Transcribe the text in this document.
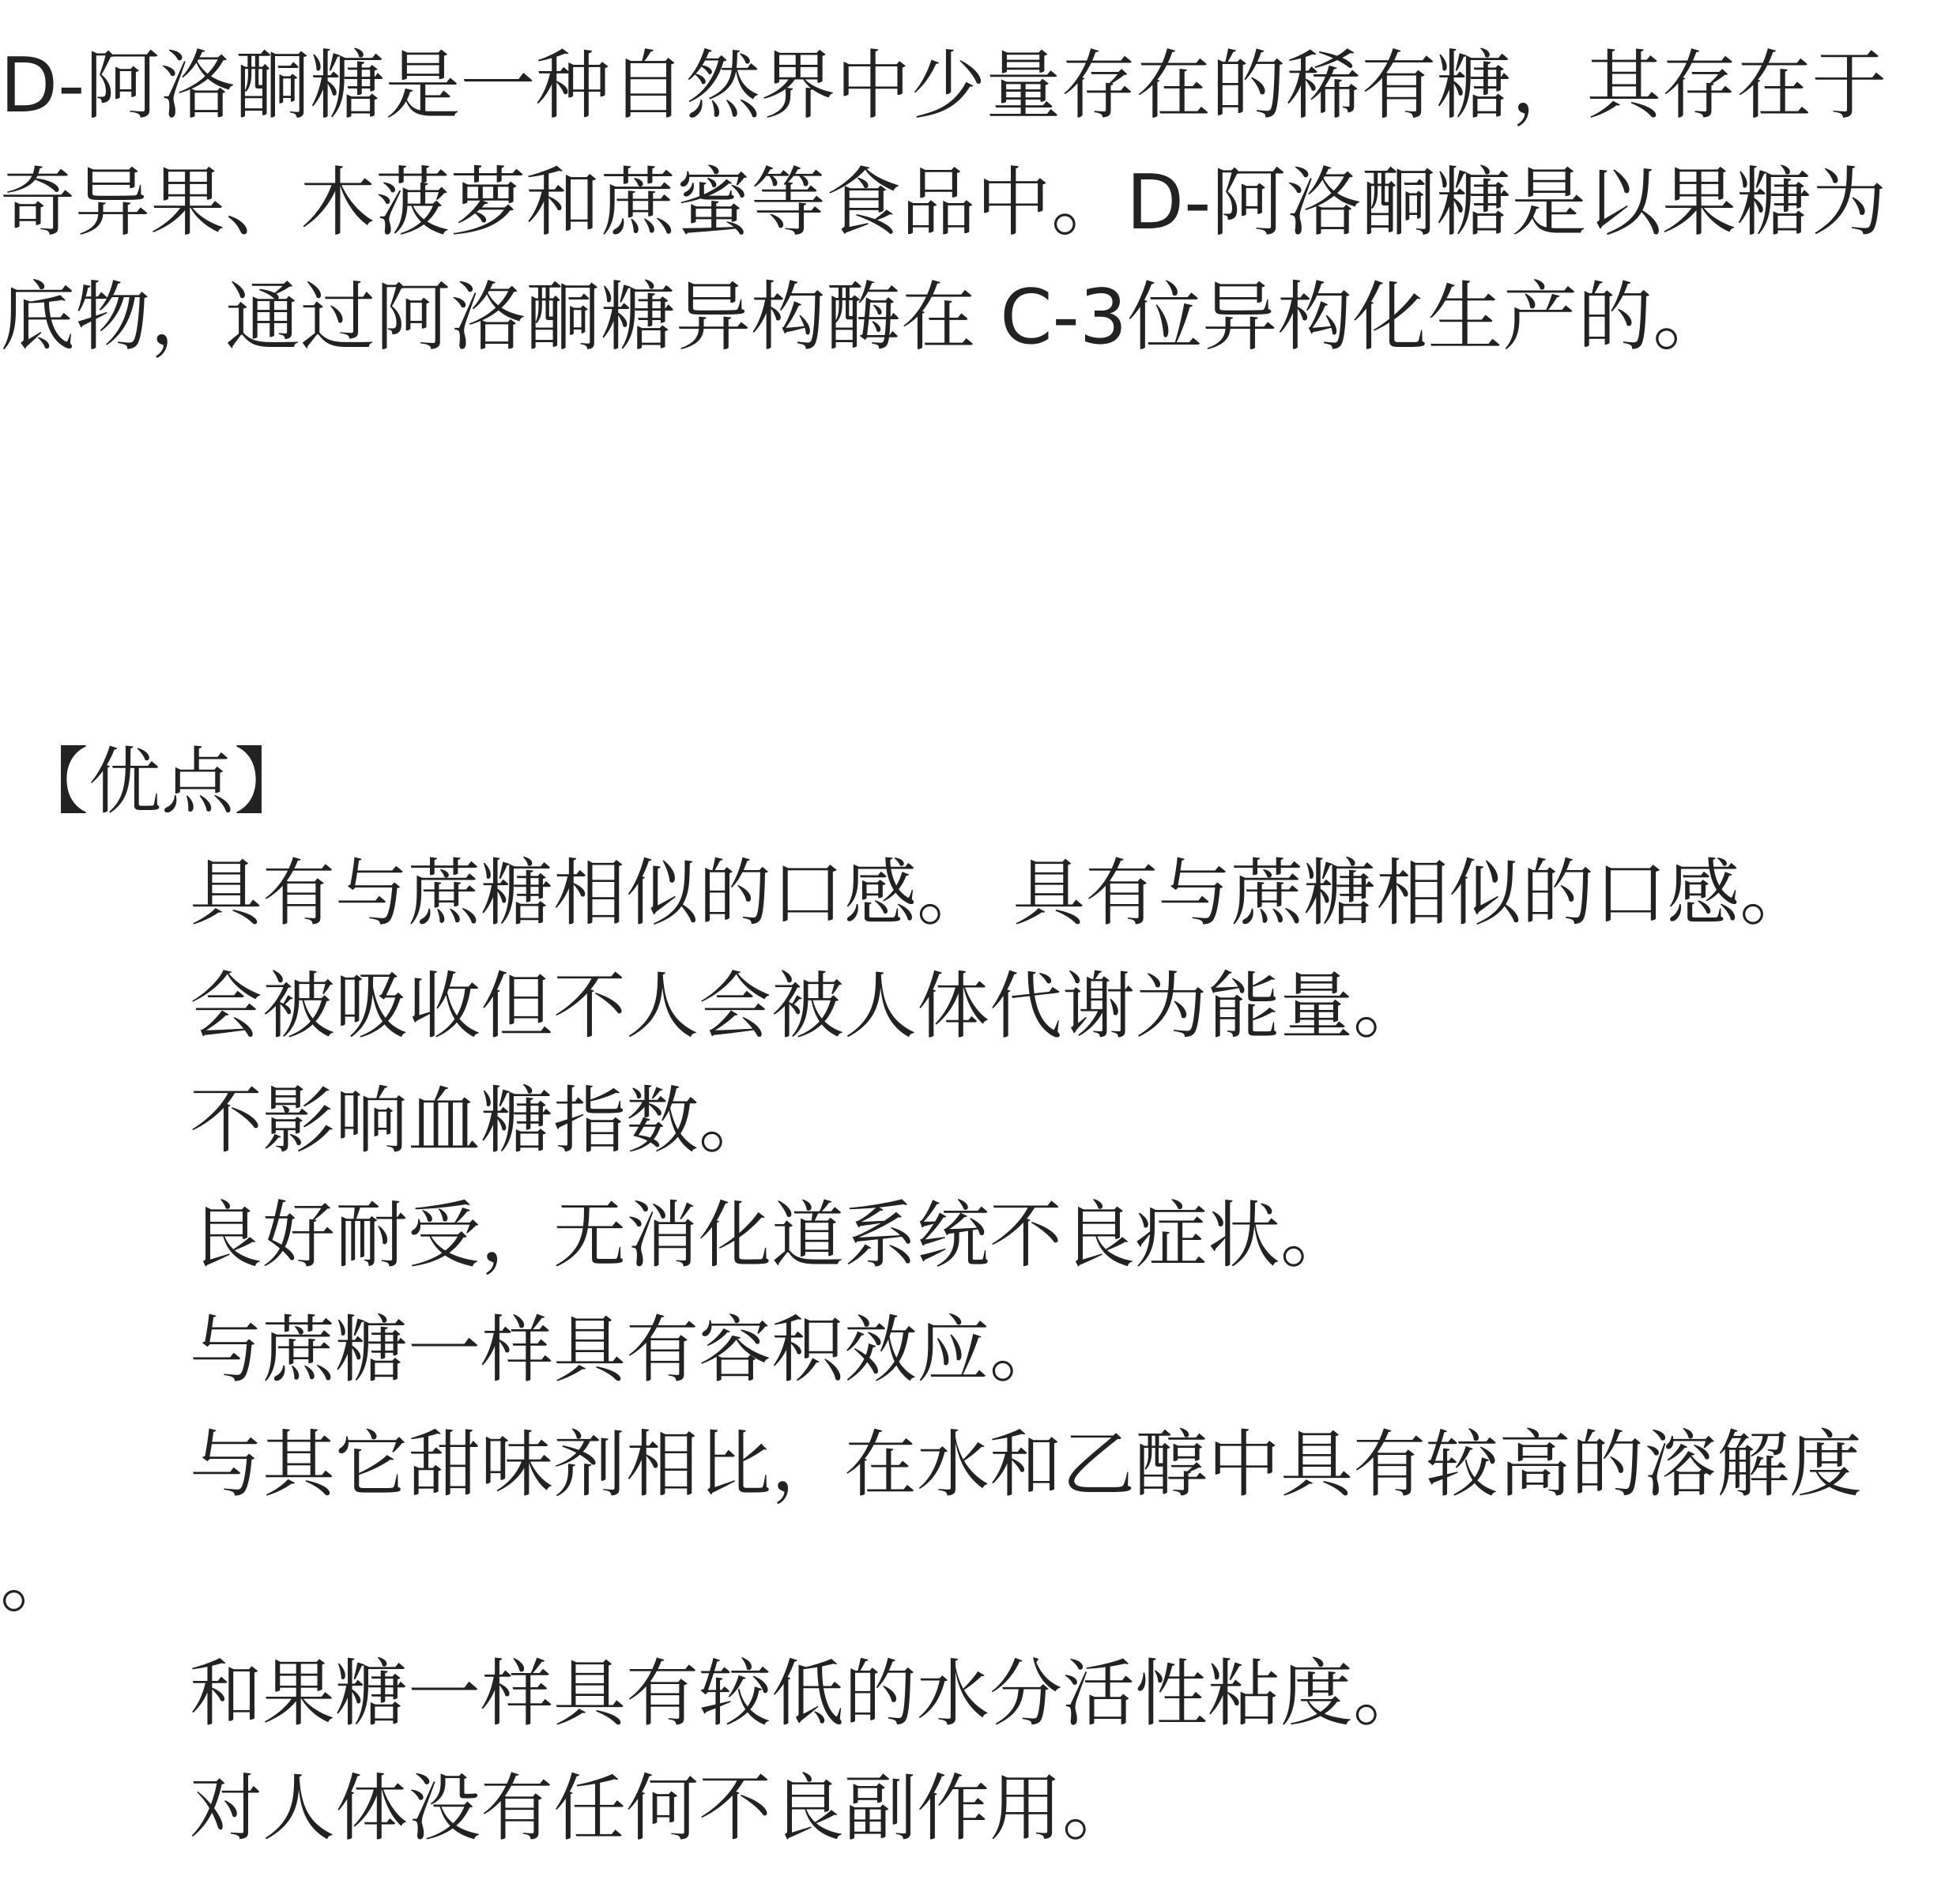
D-阿洛酮糖是一种自然界中少量存在的稀有糖，其存在于
奇异果、木菠萝和蔗蜜等食品中。D-阿洛酮糖是以果糖为
底物，通过阿洛酮糖异构酶在 C-3位异构化生产的。
【优点】
具有与蔗糖相似的口感。 具有与蔗糖相似的口感。
会被吸收但不人会被人体代谢为能量。
不影响血糖指数。
良好耐受，无消化道系统不良症状。
与蔗糖一样具有容积效应。
与其它甜味剂相比，在水和乙醇中具有较高的溶解度
。
和果糖一样具有较低的水分活性粘度。
对人体没有任何不良副作用。
